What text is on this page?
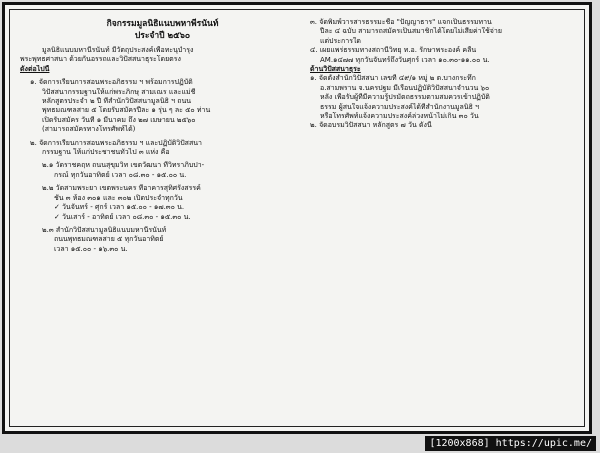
กิจกรรมมูลนิธิแนบพหาพีรนันท์
ประจำปี ๒๕๖๐
มูลนิธิแนบมหานีรนันท์ มีวัตถุประสงค์เพื่อทะนุบำรุง
พระพุทธศาสนา ด้วยกันอรรถและวิปัสสนาธุระโดยตรง
ดังต่อไปนี้
๑. จัดการเรียนการสอนพระอภิธรรม ฯ พร้อมการปฏิบัติ
วิปัสสนากรรมฐานให้แก่พระภิกษุ สามเณร และแม่ชี
หลักสูตรประจำ ๒ ปี ที่สำนักวิปัสสนามูลนิธิ ฯ ถนน
พุทธมณฑลสาย ๕ โดยรับสมัครปีละ ๑ รุ่น ๆ ละ ๕๐ ท่าน
เปิดรับสมัคร วันที่ ๑ มีนาคม ถึง ๒๗ เมษายน ๒๕๖๐
(สามารถสมัครทางโทรศัพท์ได้)
๒. จัดการเรียนการสอนพระอภิธรรม ฯ และปฏิบัติวิปัสสนา
กรรมฐาน ให้แก่ประชาชนทั่วไป ๓ แห่ง คือ
๒.๑ วัดราชคฤห ถนนสุขุมวิท เขตวัฒนา ที่วิทราภิบปา-
กรณ์ ทุกวันอาทิตย์ เวลา ๐๘.๓๐ - ๑๕.๐๐ น.
๒.๒ วัดสามพระยา เขตพระนคร ที่อาคารสุทิศรังสรรค์
ชั้น ๓ ห้อง ๓๐๑ และ ๓๐๒ เปิดประจำทุกวัน
✓ วันจันทร์ - ศุกร์ เวลา ๑๕.๐๐ - ๑๗.๓๐ น.
✓ วันเสาร์ - อาทิตย์ เวลา ๐๘.๓๐ - ๑๕.๓๐ น.
๒.๓ สำนักวิปัสสนามูลนิธิแนบมหานีรนันท์
ถนนพุทธมณฑลสาย ๕ ทุกวันอาทิตย์
เวลา ๑๕.๐๐ - ๑๖.๓๐ น.
๓. จัดพิมพ์วารสารธรรมะชื่อ "ปัญญาธาร" แจกเป็นธรรมทาน
ปีละ ๔ ฉบับ สามารถสมัครเป็นสมาชิกได้โดยไม่เสียค่าใช้จ่าย
แต่ประการใด
๔. เผยแพร่ธรรมทางสถานีวิทยุ ท.อ. รักษาพระองค์ คลื่น
AM.๑๔๗๗ ทุกวันจันทร์ถึงวันศุกร์ เวลา ๑๐.๓๐-๑๑.๐๐ น.
ด้านวิปัสสนาธุระ
๑. จัดตั้งสำนักวิปัสสนา เลขที่ ๔๙/๑ หมู่ ๒ ต.บางกระทึก
อ.สามพราน จ.นครปฐม มีเรือนปฏิบัติวิปัสสนาจำนวน ๖๐
หลัง เพื่อรับผู้ที่มีความรู้ปรมัตถธรรมตามสมควรเข้าปฏิบัติ
ธรรม ผู้สนใจแจ้งความประสงค์ได้ที่สำนักงานมูลนิธิ ฯ
หรือโทรศัพท์แจ้งความประสงค์ล่วงหน้าไม่เกิน ๓๐ วัน
๒. จัดอบรมวิปัสสนา หลักสูตร ๗ วัน ดังนี้
[1200x868] https://upic.me/
